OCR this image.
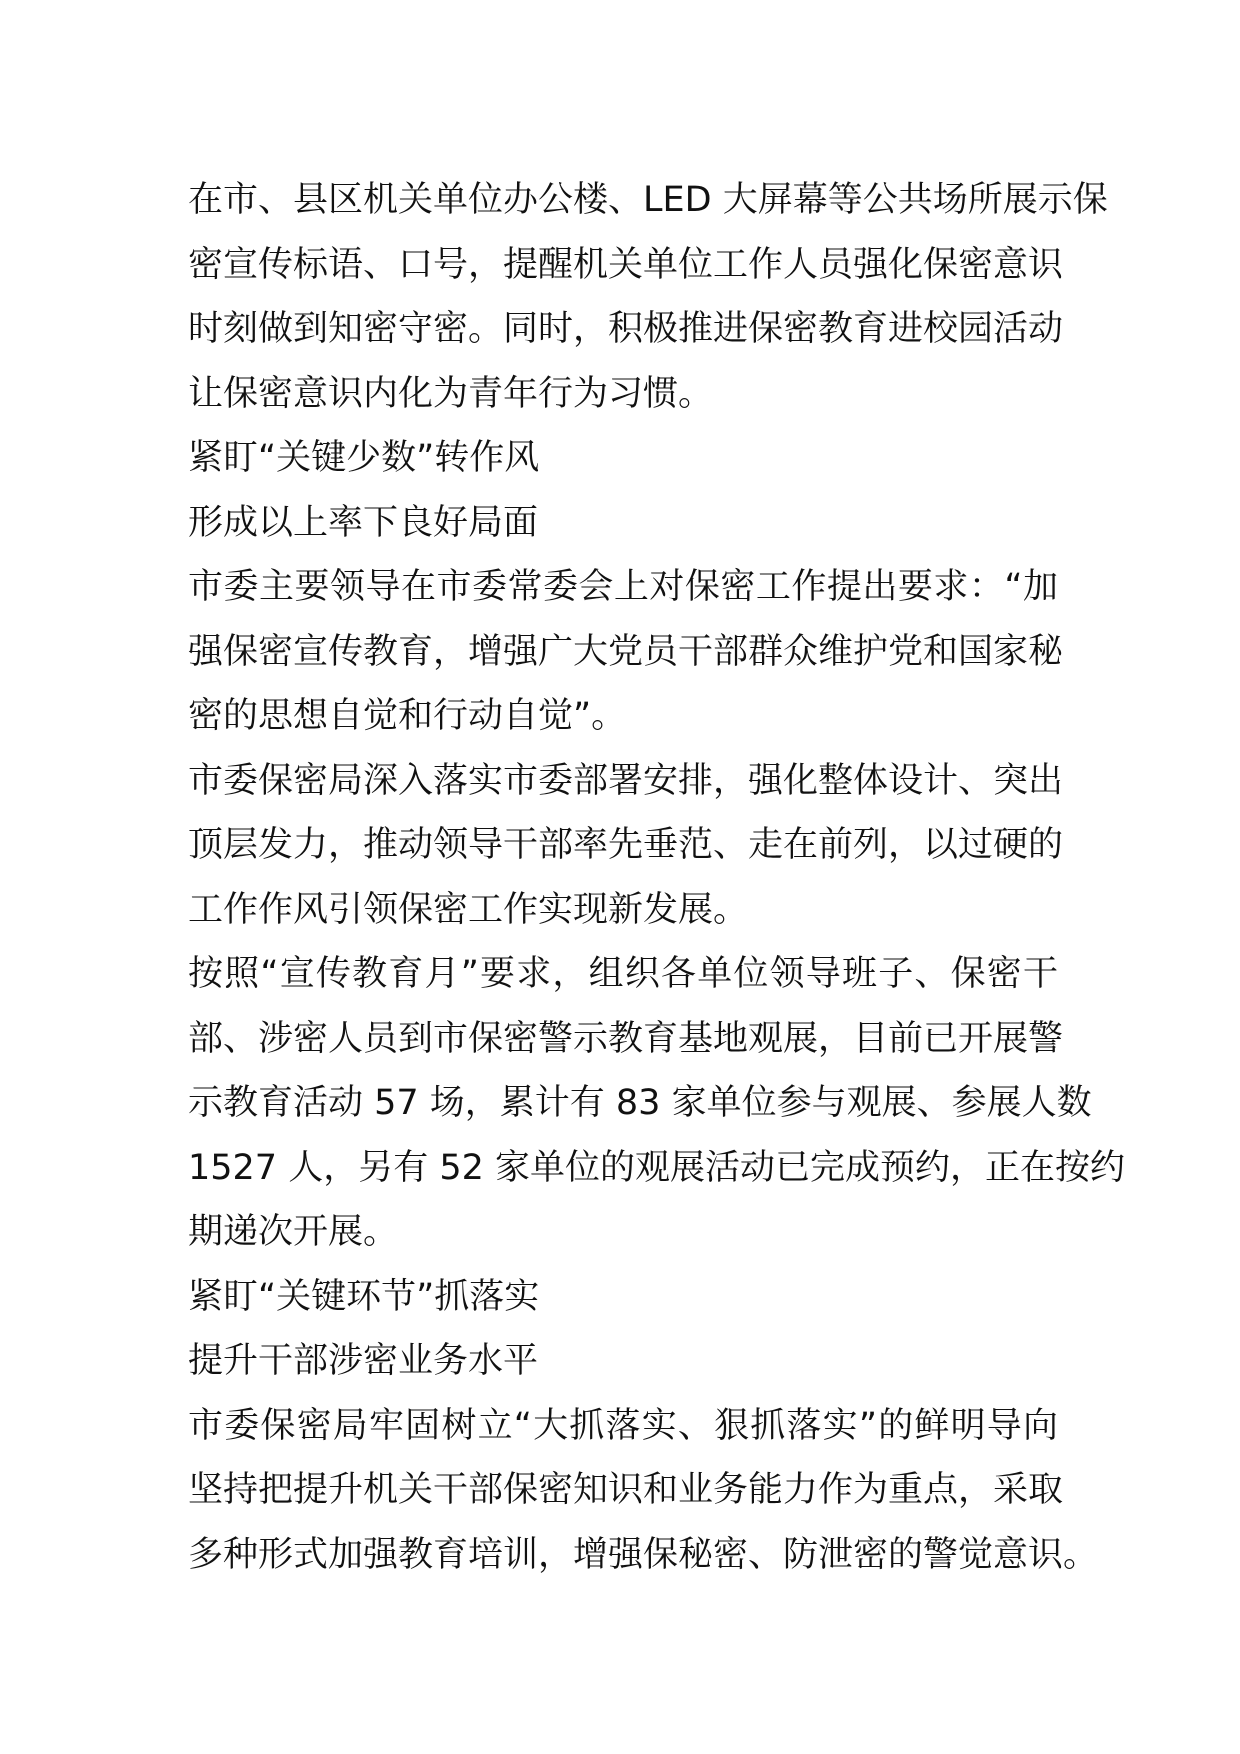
在市、县区机关单位办公楼、LED 大屏幕等公共场所展示保
密宣传标语、口号，提醒机关单位工作人员强化保密意识
时刻做到知密守密。同时，积极推进保密教育进校园活动
让保密意识内化为青年行为习惯。
紧盯“关键少数”转作风
形成以上率下良好局面
市委主要领导在市委常委会上对保密工作提出要求：“加
强保密宣传教育，增强广大党员干部群众维护党和国家秘
密的思想自觉和行动自觉”。
市委保密局深入落实市委部署安排，强化整体设计、突出
顶层发力，推动领导干部率先垂范、走在前列，以过硬的
工作作风引领保密工作实现新发展。
按照“宣传教育月”要求，组织各单位领导班子、保密干
部、涉密人员到市保密警示教育基地观展，目前已开展警
示教育活动 57 场，累计有 83 家单位参与观展、参展人数
1527 人，另有 52 家单位的观展活动已完成预约，正在按约
期递次开展。
紧盯“关键环节”抓落实
提升干部涉密业务水平
市委保密局牢固树立“大抓落实、狠抓落实”的鲜明导向
坚持把提升机关干部保密知识和业务能力作为重点，采取
多种形式加强教育培训，增强保秘密、防泄密的警觉意识。
